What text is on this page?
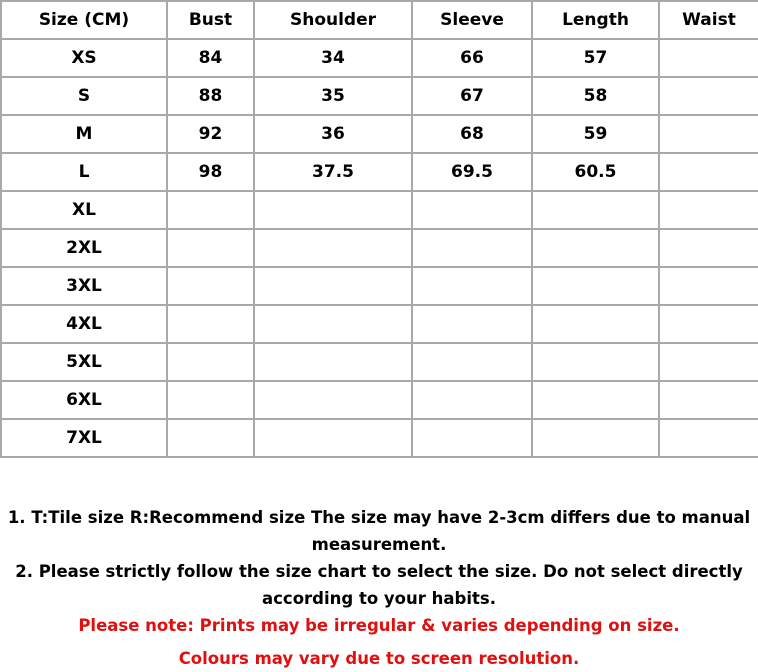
Size (CM)	Bust	Shoulder	Sleeve	Length	Waist
XS	84	34	66	57	
S	88	35	67	58	
M	92	36	68	59	
L	98	37.5	69.5	60.5	
XL					
2XL					
3XL					
4XL					
5XL					
6XL					
7XL					

1. T:Tile size R:Recommend size The size may have 2-3cm differs due to manual measurement.

2. Please strictly follow the size chart to select the size. Do not select directly according to your habits.

Please note: Prints may be irregular & varies depending on size.

Colours may vary due to screen resolution.
